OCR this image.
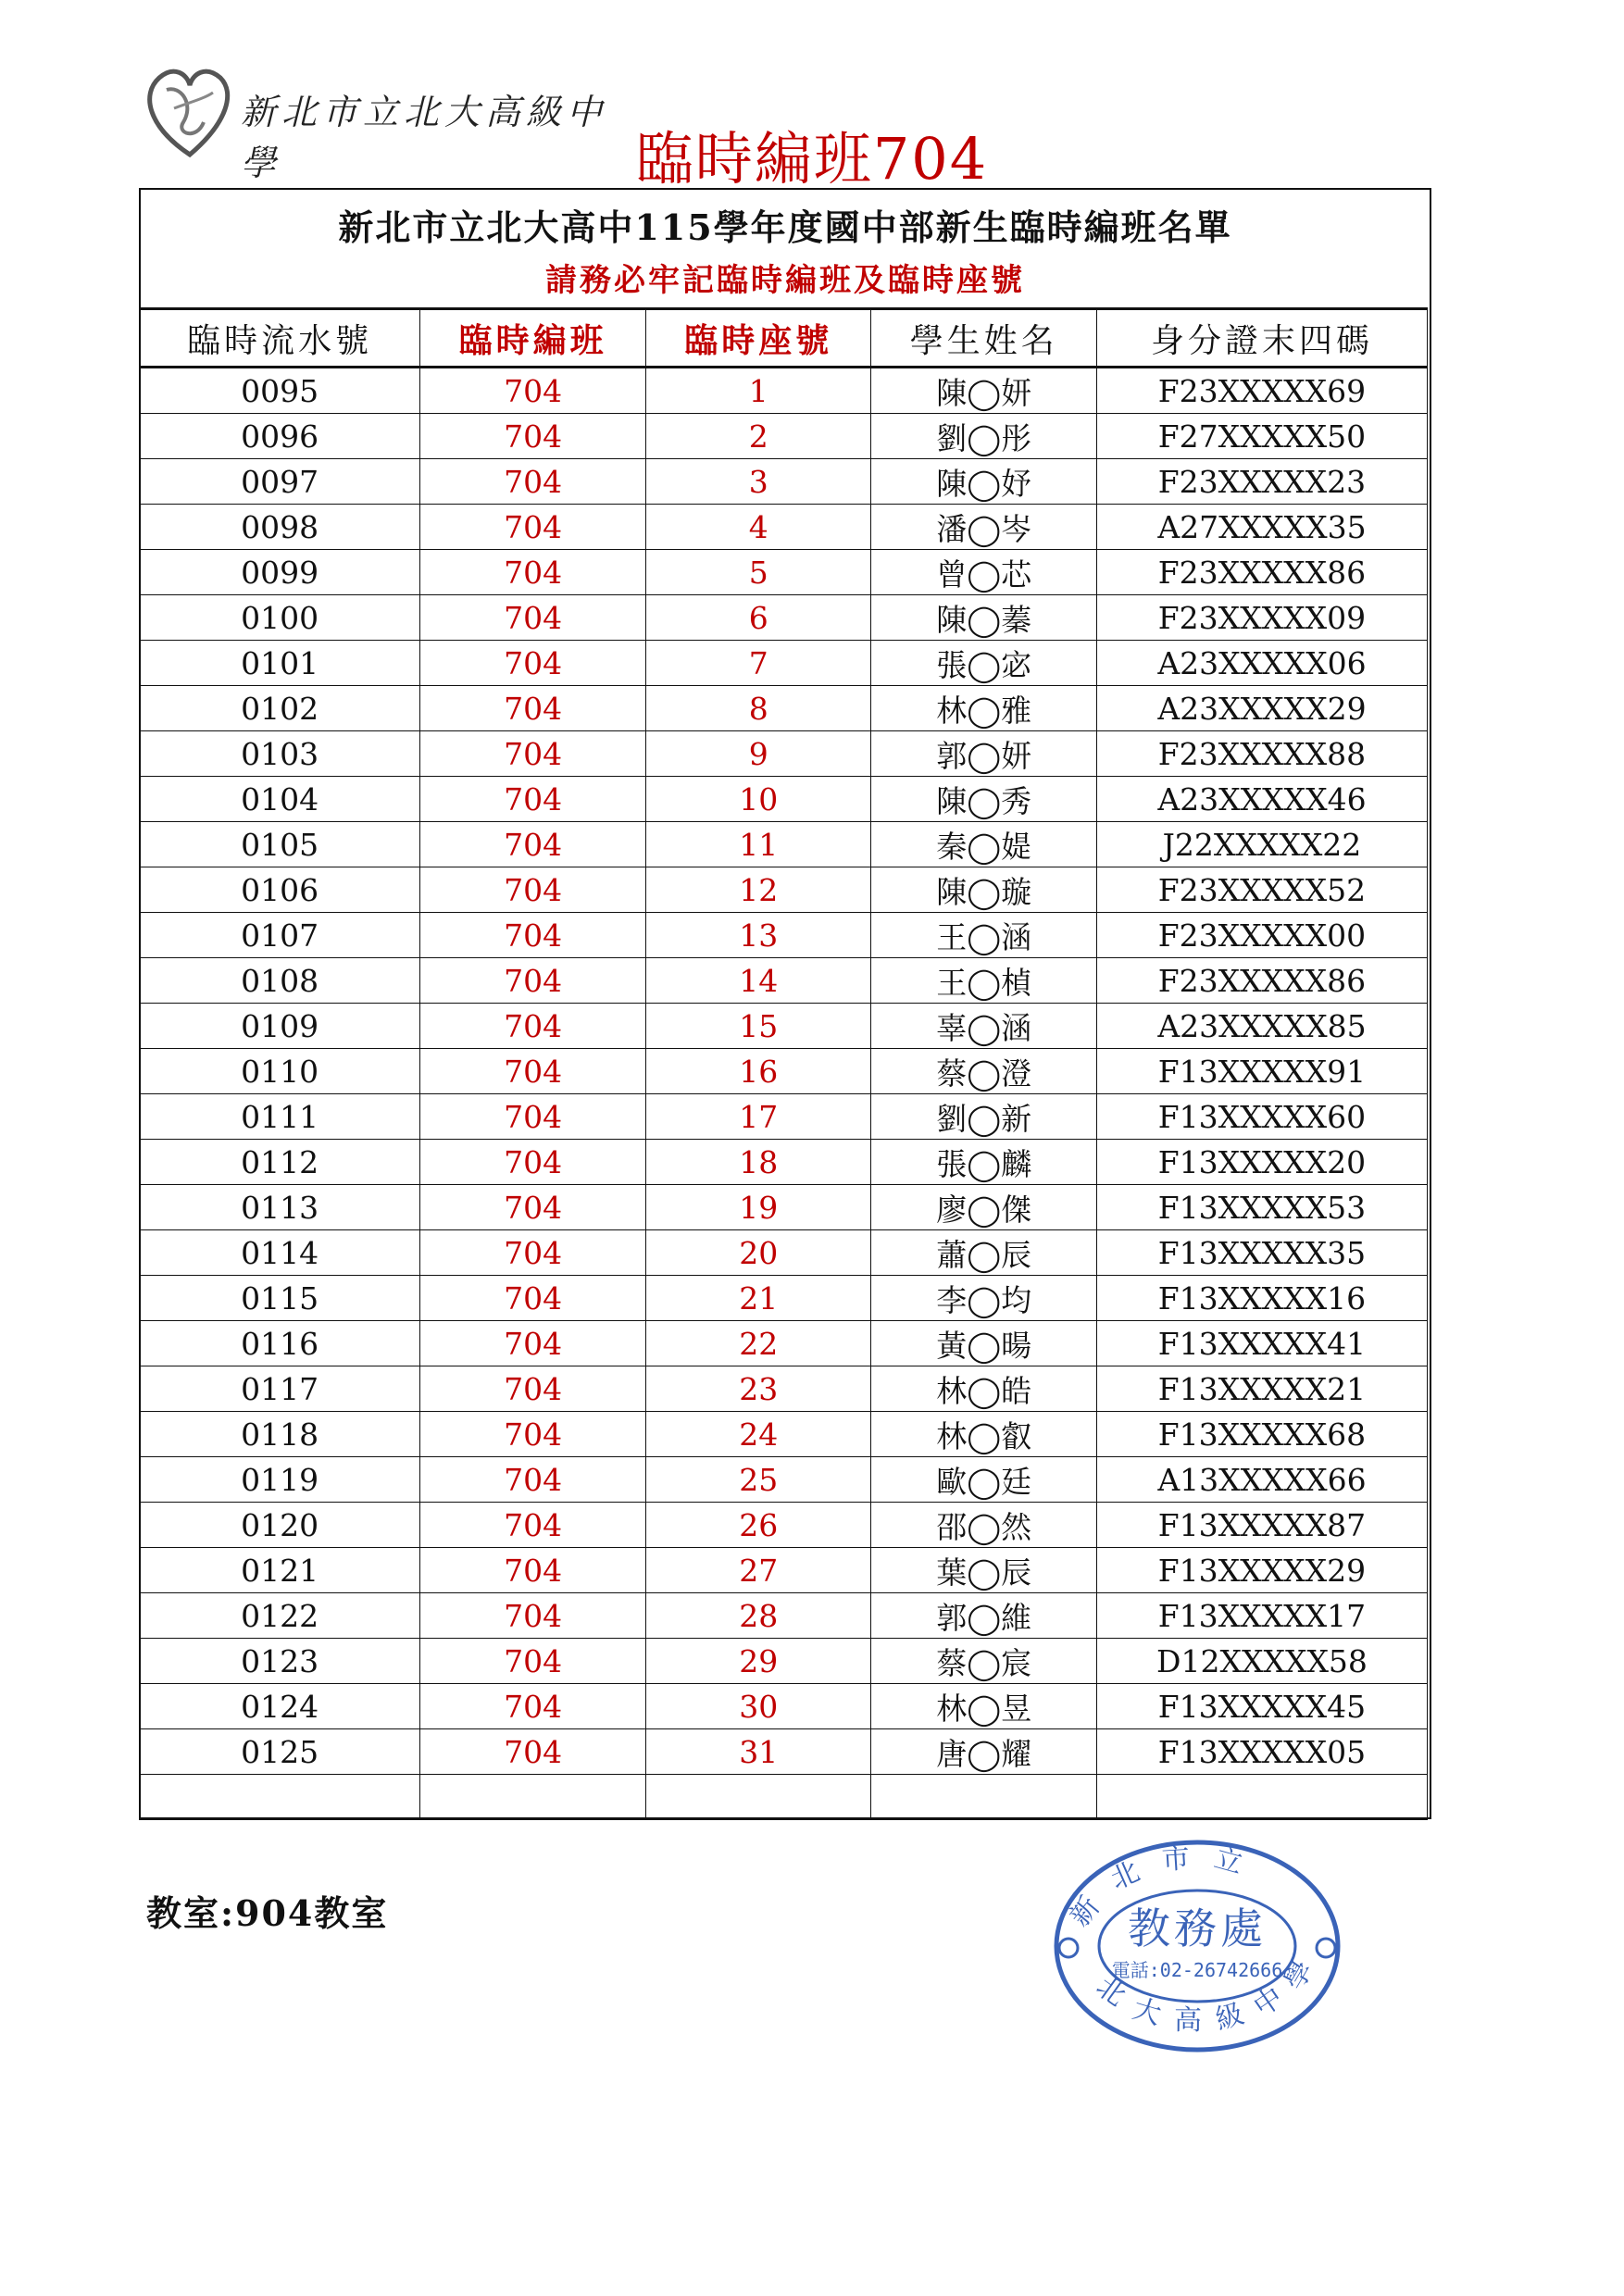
新北市立北大高級中學	臨時編班704
新北市立北大高中115學年度國中部新生臨時編班名單
請務必牢記臨時編班及臨時座號
臨時流水號	臨時編班	臨時座號	學生姓名	身分證末四碼
0095	704	1	陳◯妍	F23XXXXX69
0096	704	2	劉◯彤	F27XXXXX50
0097	704	3	陳◯妤	F23XXXXX23
0098	704	4	潘◯岑	A27XXXXX35
0099	704	5	曾◯芯	F23XXXXX86
0100	704	6	陳◯蓁	F23XXXXX09
0101	704	7	張◯宓	A23XXXXX06
0102	704	8	林◯雅	A23XXXXX29
0103	704	9	郭◯妍	F23XXXXX88
0104	704	10	陳◯秀	A23XXXXX46
0105	704	11	秦◯媞	J22XXXXX22
0106	704	12	陳◯璇	F23XXXXX52
0107	704	13	王◯涵	F23XXXXX00
0108	704	14	王◯楨	F23XXXXX86
0109	704	15	辜◯涵	A23XXXXX85
0110	704	16	蔡◯澄	F13XXXXX91
0111	704	17	劉◯新	F13XXXXX60
0112	704	18	張◯麟	F13XXXXX20
0113	704	19	廖◯傑	F13XXXXX53
0114	704	20	蕭◯辰	F13XXXXX35
0115	704	21	李◯均	F13XXXXX16
0116	704	22	黃◯暘	F13XXXXX41
0117	704	23	林◯皓	F13XXXXX21
0118	704	24	林◯叡	F13XXXXX68
0119	704	25	歐◯廷	A13XXXXX66
0120	704	26	邵◯然	F13XXXXX87
0121	704	27	葉◯辰	F13XXXXX29
0122	704	28	郭◯維	F13XXXXX17
0123	704	29	蔡◯宸	D12XXXXX58
0124	704	30	林◯昱	F13XXXXX45
0125	704	31	唐◯耀	F13XXXXX05

教室:904教室	新北市立
北大高級中學
教務處
電話:02-26742666
